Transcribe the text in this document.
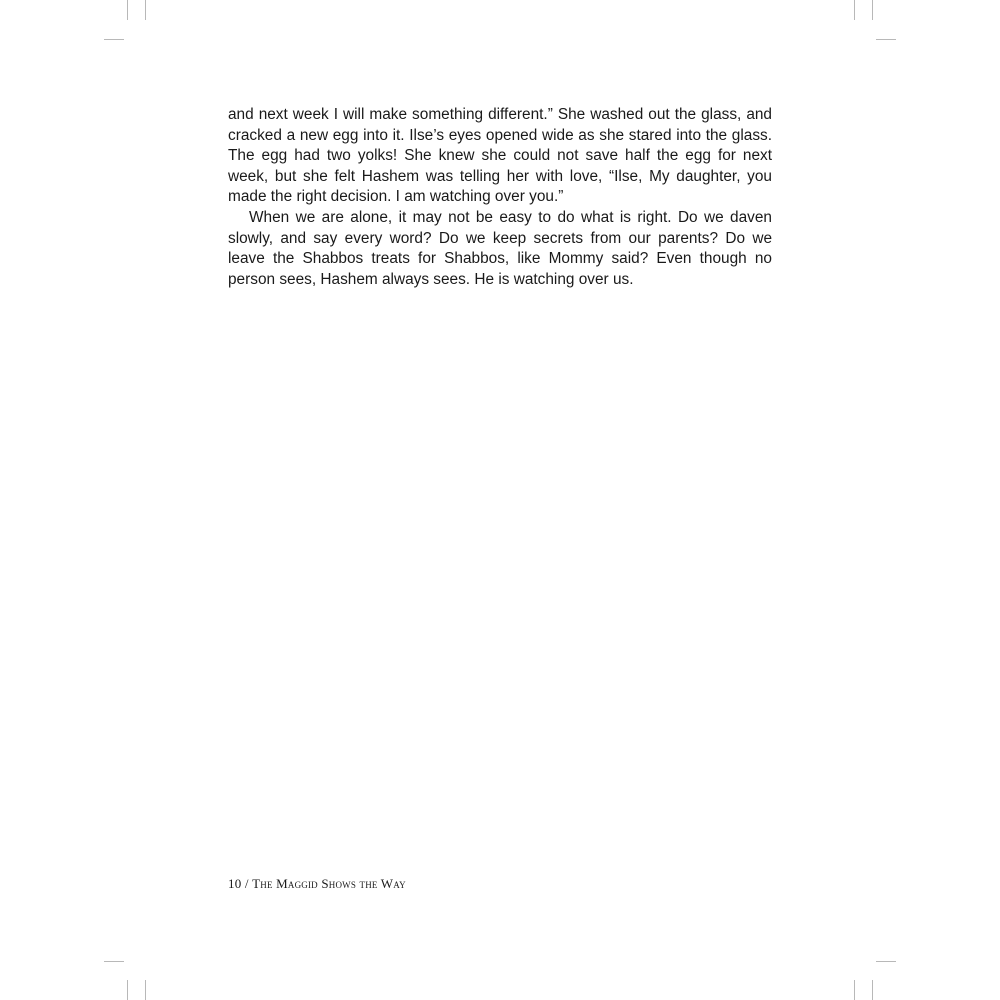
and next week I will make something different.” She washed out the glass, and cracked a new egg into it. Ilse’s eyes opened wide as she stared into the glass. The egg had two yolks! She knew she could not save half the egg for next week, but she felt Hashem was telling her with love, “Ilse, My daughter, you made the right decision. I am watching over you.”

When we are alone, it may not be easy to do what is right. Do we daven slowly, and say every word? Do we keep secrets from our parents? Do we leave the Shabbos treats for Shabbos, like Mommy said? Even though no person sees, Hashem always sees. He is watching over us.

10 / The Maggid Shows the Way
